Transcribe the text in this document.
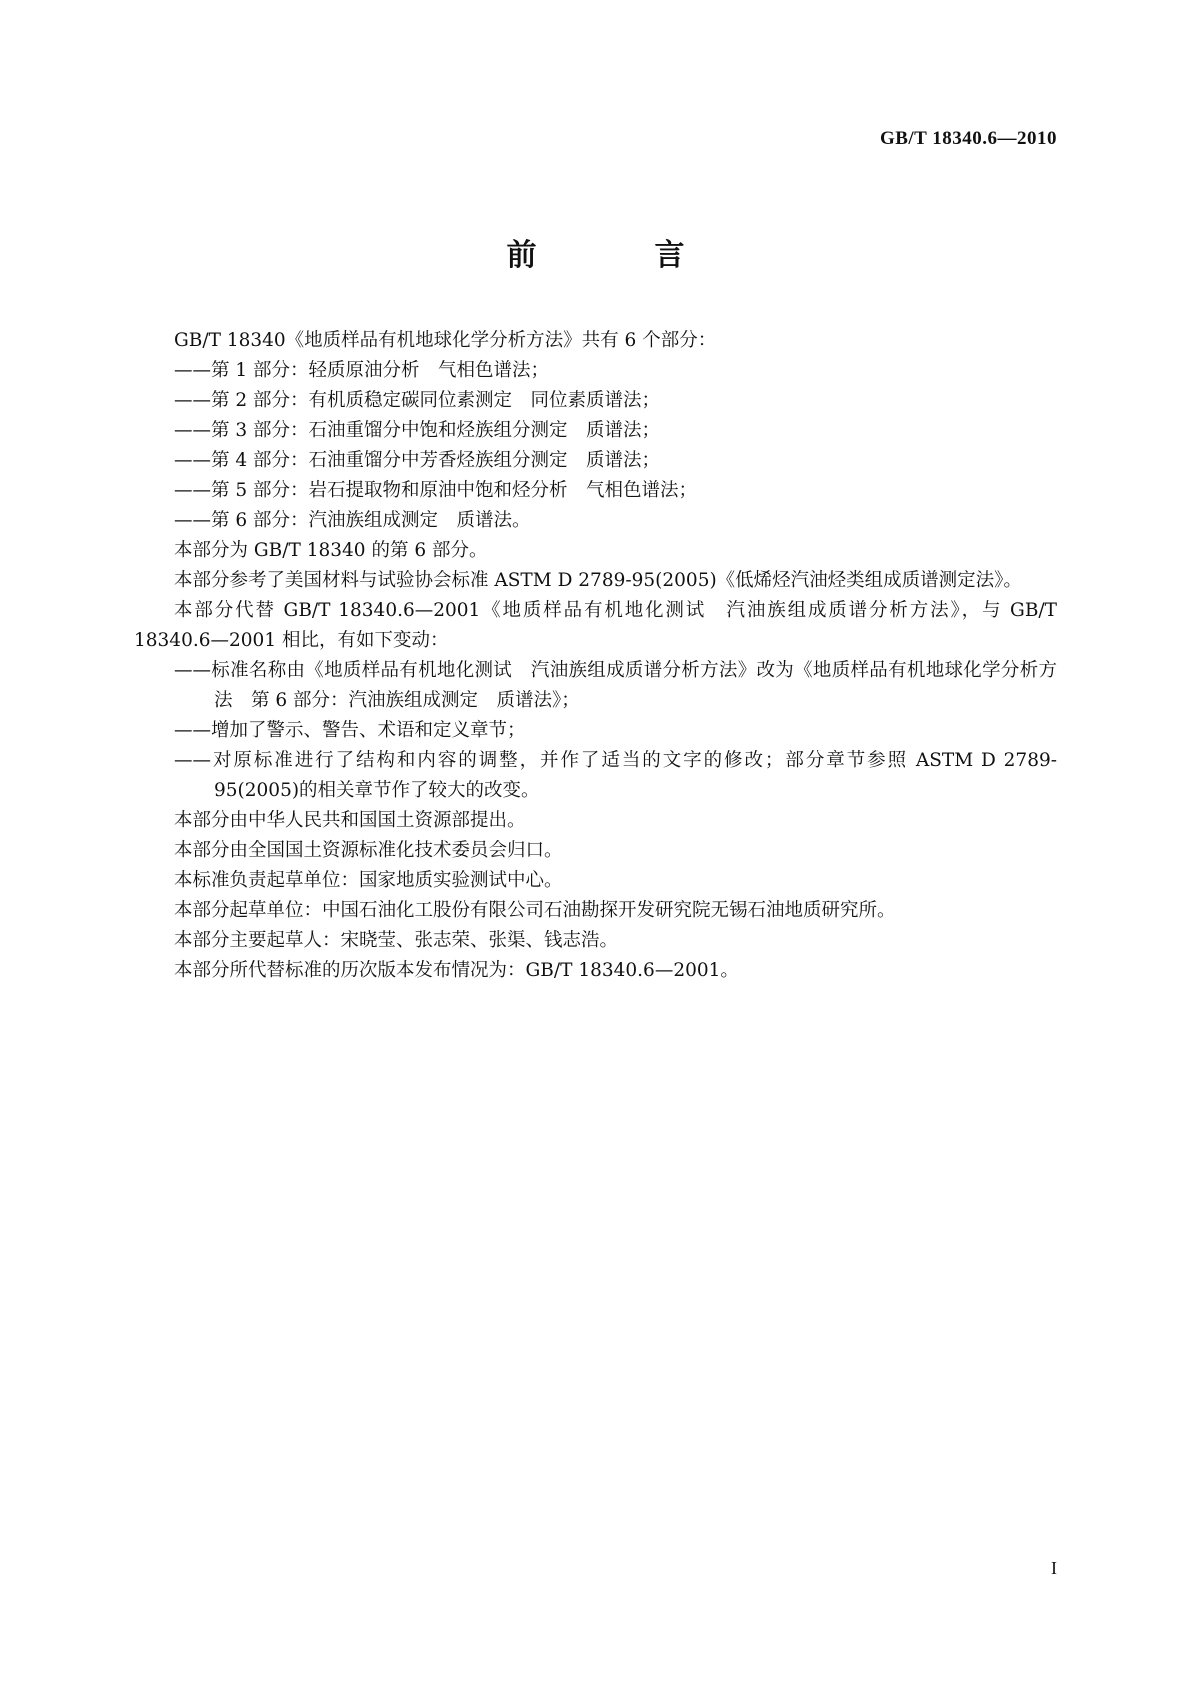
GB/T 18340.6—2010
前　言

GB/T 18340《地质样品有机地球化学分析方法》共有 6 个部分：

——第 1 部分：轻质原油分析　气相色谱法；

——第 2 部分：有机质稳定碳同位素测定　同位素质谱法；

——第 3 部分：石油重馏分中饱和烃族组分测定　质谱法；

——第 4 部分：石油重馏分中芳香烃族组分测定　质谱法；

——第 5 部分：岩石提取物和原油中饱和烃分析　气相色谱法；

——第 6 部分：汽油族组成测定　质谱法。

本部分为 GB/T 18340 的第 6 部分。

本部分参考了美国材料与试验协会标准 ASTM D 2789-95(2005)《低烯烃汽油烃类组成质谱测定法》。

本部分代替 GB/T 18340.6—2001《地质样品有机地化测试　汽油族组成质谱分析方法》，与 GB/T 18340.6—2001 相比，有如下变动：

——标准名称由《地质样品有机地化测试　汽油族组成质谱分析方法》改为《地质样品有机地球化学分析方法　第 6 部分：汽油族组成测定　质谱法》；

——增加了警示、警告、术语和定义章节；

——对原标准进行了结构和内容的调整，并作了适当的文字的修改；部分章节参照 ASTM D 2789-95(2005)的相关章节作了较大的改变。

本部分由中华人民共和国国土资源部提出。

本部分由全国国土资源标准化技术委员会归口。

本标准负责起草单位：国家地质实验测试中心。

本部分起草单位：中国石油化工股份有限公司石油勘探开发研究院无锡石油地质研究所。

本部分主要起草人：宋晓莹、张志荣、张渠、钱志浩。

本部分所代替标准的历次版本发布情况为：GB/T 18340.6—2001。

I
